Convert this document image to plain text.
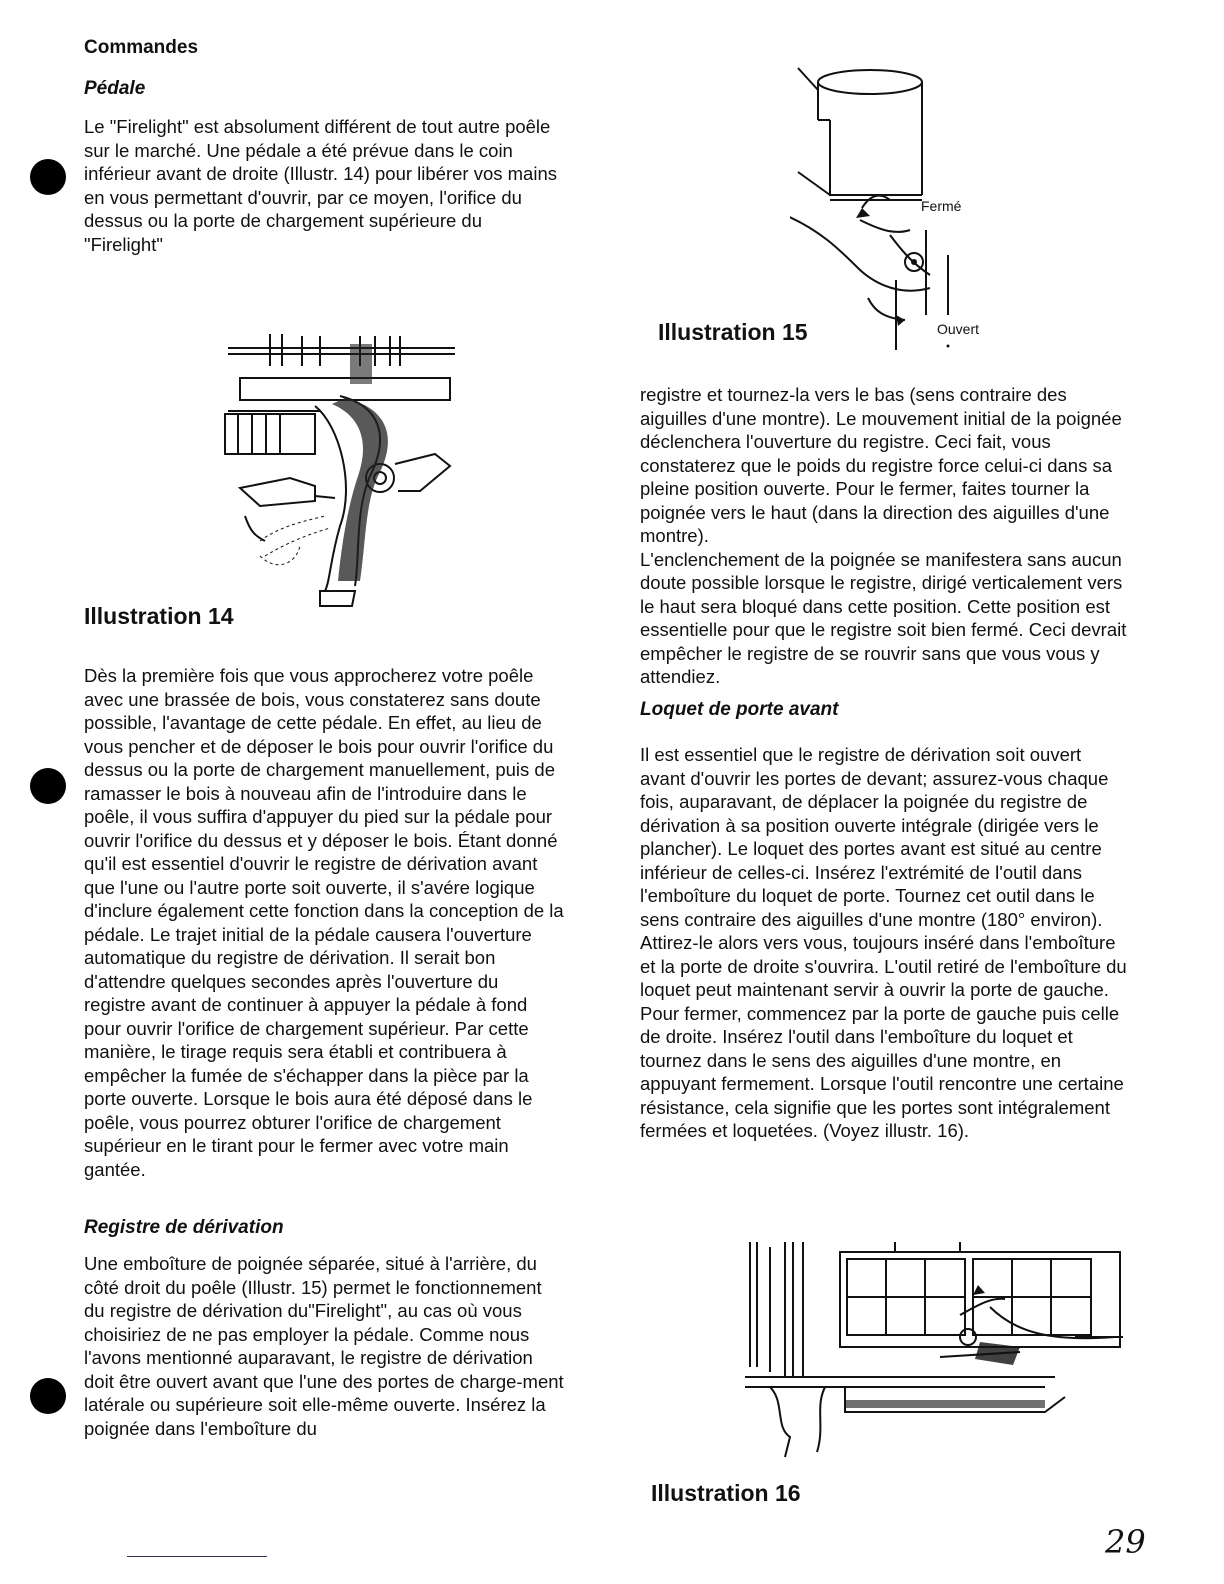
Commandes
Pédale
Le "Firelight" est absolument différent de tout autre poêle sur le marché. Une pédale a été prévue dans le coin inférieur avant de droite (Illustr. 14) pour libérer vos mains en vous permettant d'ouvrir, par ce moyen, l'orifice du dessus ou la porte de chargement supérieure du "Firelight"
Illustration 14
Dès la première fois que vous approcherez votre poêle avec une brassée de bois, vous constaterez sans doute possible, l'avantage de cette pédale. En effet, au lieu de vous pencher et de déposer le bois pour ouvrir l'orifice du dessus ou la porte de chargement manuellement, puis de ramasser le bois à nouveau afin de l'introduire dans le poêle, il vous suffira d'appuyer du pied sur la pédale pour ouvrir l'orifice du dessus et y déposer le bois. Étant donné qu'il est essentiel d'ouvrir le registre de dérivation avant que l'une ou l'autre porte soit ouverte, il s'avére logique d'inclure également cette fonction dans la conception de la pédale. Le trajet initial de la pédale causera l'ouverture automatique du registre de dérivation. Il serait bon d'attendre quelques secondes après l'ouverture du registre avant de continuer à appuyer la pédale à fond pour ouvrir l'orifice de chargement supérieur. Par cette manière, le tirage requis sera établi et contribuera à empêcher la fumée de s'échapper dans la pièce par la porte ouverte. Lorsque le bois aura été déposé dans le poêle, vous pourrez obturer l'orifice de chargement supérieur en le tirant pour le fermer avec votre main gantée.
Registre de dérivation
Une emboîture de poignée séparée, situé à l'arrière, du côté droit du poêle (Illustr. 15) permet le fonctionnement
du registre de dérivation du"Firelight", au cas où vous choisiriez de ne pas employer la pédale. Comme nous l'avons mentionné auparavant, le registre de dérivation doit être ouvert avant que l'une des portes de charge-ment latérale ou supérieure soit elle-même ouverte. Insérez la poignée dans l'emboîture du
Fermé
Ouvert
Illustration 15
registre et tournez-la vers le bas (sens contraire des aiguilles d'une montre). Le mouvement initial de la poignée déclenchera l'ouverture du registre. Ceci fait, vous constaterez que le poids du registre force celui-ci dans sa pleine position ouverte. Pour le fermer, faites tourner la poignée vers le haut (dans la direction des aiguilles d'une montre).
L'enclenchement de la poignée se manifestera sans aucun doute possible lorsque le registre, dirigé verticalement vers le haut sera bloqué dans cette position. Cette position est essentielle pour que le registre soit bien fermé. Ceci devrait empêcher le registre de se rouvrir sans que vous vous y attendiez.
Loquet de porte avant
Il est essentiel que le registre de dérivation soit ouvert avant d'ouvrir les portes de devant; assurez-vous chaque fois, auparavant, de déplacer la poignée du registre de dérivation à sa position ouverte intégrale (dirigée vers le plancher). Le loquet des portes avant est situé au centre inférieur de celles-ci. Insérez l'extrémité de l'outil dans l'emboîture du loquet de porte. Tournez cet outil dans le sens contraire des aiguilles d'une montre (180° environ). Attirez-le alors vers vous, toujours inséré dans l'emboîture et la porte de droite s'ouvrira. L'outil retiré de l'emboîture du loquet peut maintenant servir à ouvrir la porte de gauche. Pour fermer, commencez par la porte de gauche puis celle de droite. Insérez l'outil dans l'emboîture du loquet et tournez dans le sens des aiguilles d'une montre, en appuyant fermement. Lorsque l'outil rencontre une certaine résistance, cela signifie que les portes sont intégralement fermées et loquetées. (Voyez illustr. 16).
Illustration 16
29
